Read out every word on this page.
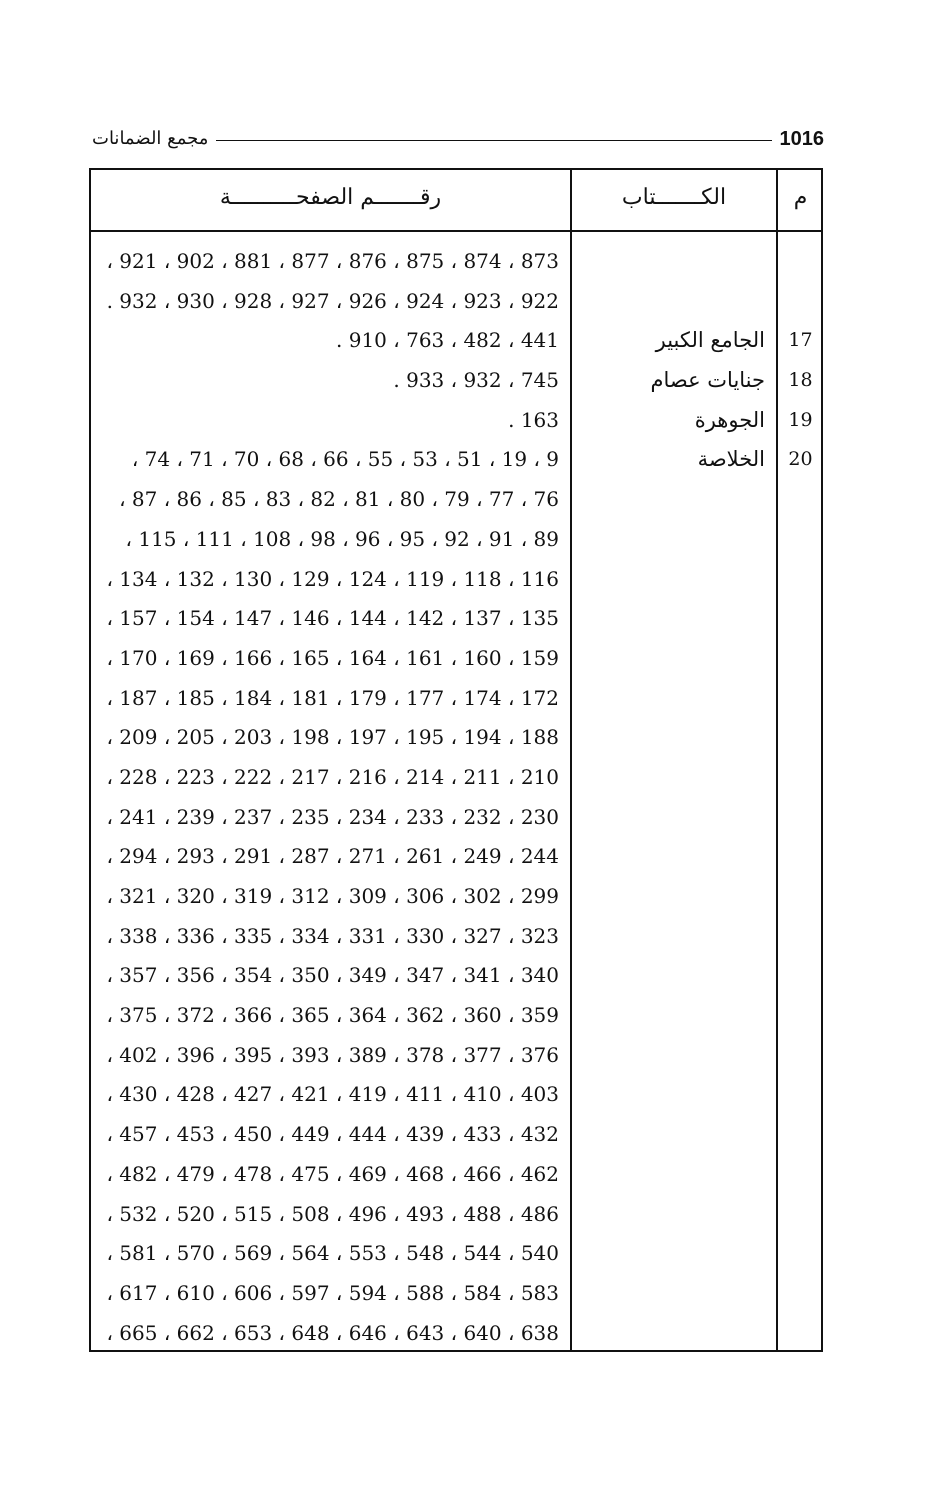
1016
مجمع الضمانات
رقـــــــم الصفحــــــــــة	الكـــــــتاب	م
873 ، 874 ، 875 ، 876 ، 877 ، 881 ، 902 ، 921 ،
922 ، 923 ، 924 ، 926 ، 927 ، 928 ، 930 ، 932 .
441 ، 482 ، 763 ، 910 .	الجامع الكبير	17
745 ، 932 ، 933 .	جنايات عصام	18
163 .	الجوهرة	19
9 ، 19 ، 51 ، 53 ، 55 ، 66 ، 68 ، 70 ، 71 ، 74 ،	الخلاصة	20
76 ، 77 ، 79 ، 80 ، 81 ، 82 ، 83 ، 85 ، 86 ، 87 ،
89 ، 91 ، 92 ، 95 ، 96 ، 98 ، 108 ، 111 ، 115 ،
116 ، 118 ، 119 ، 124 ، 129 ، 130 ، 132 ، 134 ،
135 ، 137 ، 142 ، 144 ، 146 ، 147 ، 154 ، 157 ،
159 ، 160 ، 161 ، 164 ، 165 ، 166 ، 169 ، 170 ،
172 ، 174 ، 177 ، 179 ، 181 ، 184 ، 185 ، 187 ،
188 ، 194 ، 195 ، 197 ، 198 ، 203 ، 205 ، 209 ،
210 ، 211 ، 214 ، 216 ، 217 ، 222 ، 223 ، 228 ،
230 ، 232 ، 233 ، 234 ، 235 ، 237 ، 239 ، 241 ،
244 ، 249 ، 261 ، 271 ، 287 ، 291 ، 293 ، 294 ،
299 ، 302 ، 306 ، 309 ، 312 ، 319 ، 320 ، 321 ،
323 ، 327 ، 330 ، 331 ، 334 ، 335 ، 336 ، 338 ،
340 ، 341 ، 347 ، 349 ، 350 ، 354 ، 356 ، 357 ،
359 ، 360 ، 362 ، 364 ، 365 ، 366 ، 372 ، 375 ،
376 ، 377 ، 378 ، 389 ، 393 ، 395 ، 396 ، 402 ،
403 ، 410 ، 411 ، 419 ، 421 ، 427 ، 428 ، 430 ،
432 ، 433 ، 439 ، 444 ، 449 ، 450 ، 453 ، 457 ،
462 ، 466 ، 468 ، 469 ، 475 ، 478 ، 479 ، 482 ،
486 ، 488 ، 493 ، 496 ، 508 ، 515 ، 520 ، 532 ،
540 ، 544 ، 548 ، 553 ، 564 ، 569 ، 570 ، 581 ،
583 ، 584 ، 588 ، 594 ، 597 ، 606 ، 610 ، 617 ،
638 ، 640 ، 643 ، 646 ، 648 ، 653 ، 662 ، 665 ،
